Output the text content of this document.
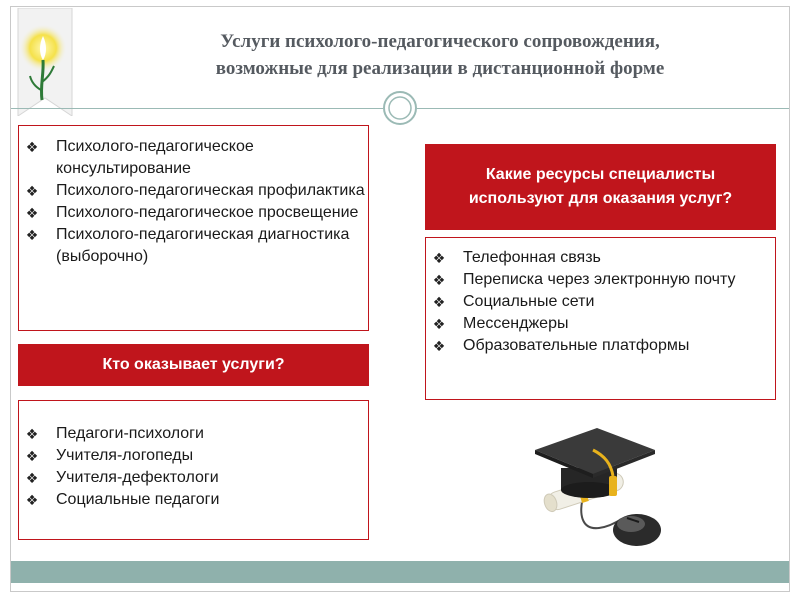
Услуги психолого-педагогического сопровождения,
возможные для реализации в дистанционной форме
❖ Психолого-педагогическое консультирование
❖ Психолого-педагогическая профилактика
❖ Психолого-педагогическое просвещение
❖ Психолого-педагогическая диагностика (выборочно)
Кто оказывает услуги?
❖ Педагоги-психологи
❖ Учителя-логопеды
❖ Учителя-дефектологи
❖ Социальные педагоги
Какие ресурсы специалисты
используют для оказания услуг?
❖ Телефонная связь
❖ Переписка через электронную почту
❖ Социальные сети
❖ Мессенджеры
❖ Образовательные платформы
